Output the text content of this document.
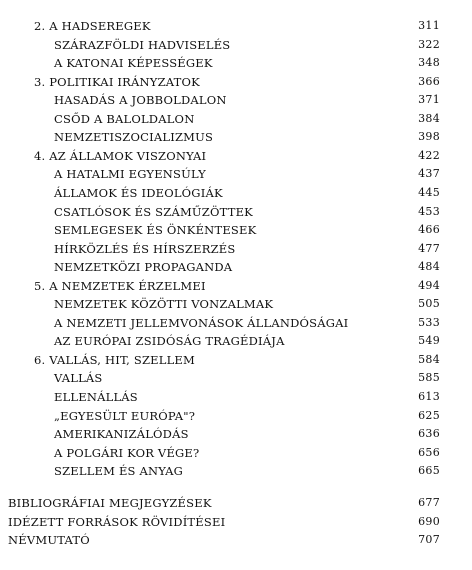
2. A HADSEREGEK	311
SZÁRAZFÖLDI HADVISELÉS	322
A KATONAI KÉPESSÉGEK	348
3. POLITIKAI IRÁNYZATOK	366
HASADÁS A JOBBOLDALON	371
CSŐD A BALOLDALON	384
NEMZETISZOCIALIZMUS	398
4. AZ ÁLLAMOK VISZONYAI	422
A HATALMI EGYENSÚLY	437
ÁLLAMOK ÉS IDEOLÓGIÁK	445
CSATLÓSOK ÉS SZÁMŰZÖTTEK	453
SEMLEGESEK ÉS ÖNKÉNTESEK	466
HÍRKÖZLÉS ÉS HÍRSZERZÉS	477
NEMZETKÖZI PROPAGANDA	484
5. A NEMZETEK ÉRZELMEI	494
NEMZETEK KÖZÖTTI VONZALMAK	505
A NEMZETI JELLEMVONÁSOK ÁLLANDÓSÁGAI	533
AZ EURÓPAI ZSIDÓSÁG TRAGÉDIÁJA	549
6. VALLÁS, HIT, SZELLEM	584
VALLÁS	585
ELLENÁLLÁS	613
„EGYESÜLT EURÓPA"?	625
AMERIKANIZÁLÓDÁS	636
A POLGÁRI KOR VÉGE?	656
SZELLEM ÉS ANYAG	665
BIBLIOGRÁFIAI MEGJEGYZÉSEK	677
IDÉZETT FORRÁSOK RÖVIDÍTÉSEI	690
NÉVMUTATÓ	707
